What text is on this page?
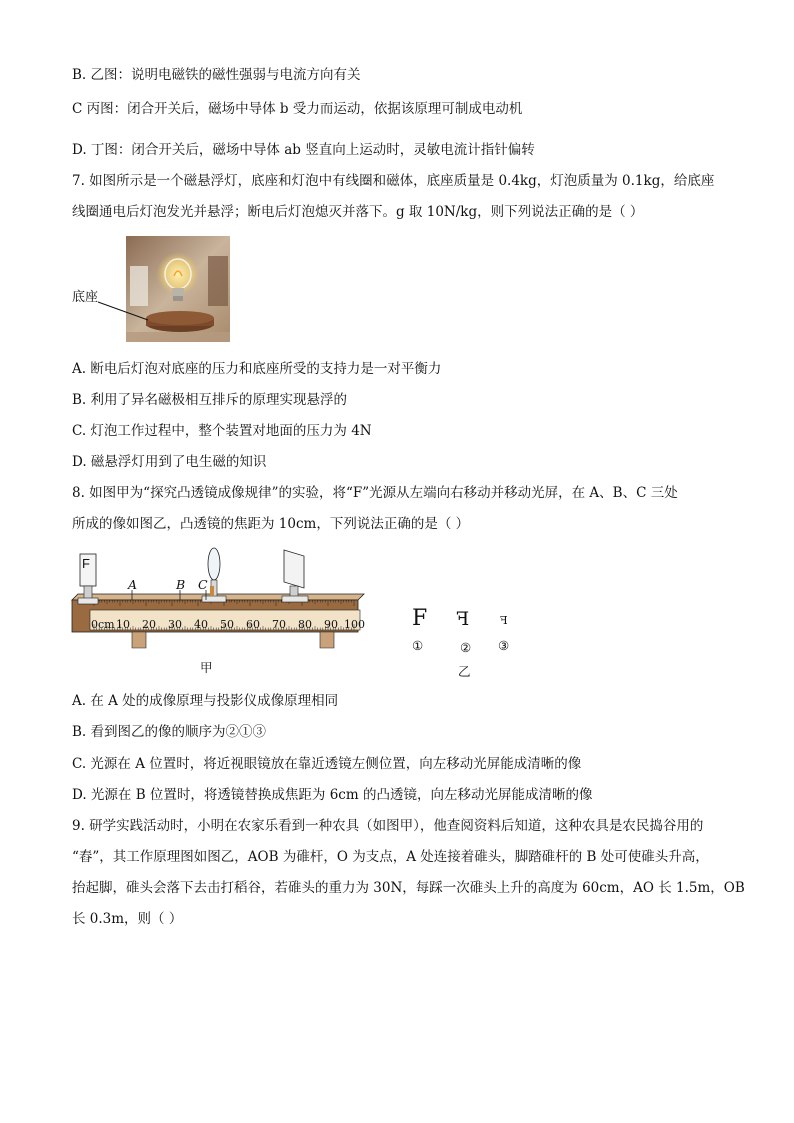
B. 乙图：说明电磁铁的磁性强弱与电流方向有关
C 丙图：闭合开关后，磁场中导体 b 受力而运动，依据该原理可制成电动机
D. 丁图：闭合开关后，磁场中导体 ab 竖直向上运动时，灵敏电流计指针偏转
7. 如图所示是一个磁悬浮灯，底座和灯泡中有线圈和磁体，底座质量是 0.4kg，灯泡质量为 0.1kg，给底座
线圈通电后灯泡发光并悬浮；断电后灯泡熄灭并落下。g 取 10N/kg，则下列说法正确的是（ ）
底座
A. 断电后灯泡对底座的压力和底座所受的支持力是一对平衡力
B. 利用了异名磁极相互排斥的原理实现悬浮的
C. 灯泡工作过程中，整个装置对地面的压力为 4N
D. 磁悬浮灯用到了电生磁的知识
8. 如图甲为“探究凸透镜成像规律”的实验，将“F”光源从左端向右移动并移动光屏，在 A、B、C 三处
所成的像如图乙，凸透镜的焦距为 10cm，下列说法正确的是（ ）
F
A	B C
0cm 10 20 30 40 50 60 70 80 90 100
甲
F F	F
①	② ③
乙
A. 在 A 处的成像原理与投影仪成像原理相同
B. 看到图乙的像的顺序为②①③
C. 光源在 A 位置时，将近视眼镜放在靠近透镜左侧位置，向左移动光屏能成清晰的像
D. 光源在 B 位置时，将透镜替换成焦距为 6cm 的凸透镜，向左移动光屏能成清晰的像
9. 研学实践活动时，小明在农家乐看到一种农具（如图甲），他查阅资料后知道，这种农具是农民捣谷用的
“舂”，其工作原理图如图乙，AOB 为碓杆，O 为支点，A 处连接着碓头，脚踏碓杆的 B 处可使碓头升高，
抬起脚，碓头会落下去击打稻谷，若碓头的重力为 30N，每踩一次碓头上升的高度为 60cm，AO 长 1.5m，OB
长 0.3m，则（ ）
